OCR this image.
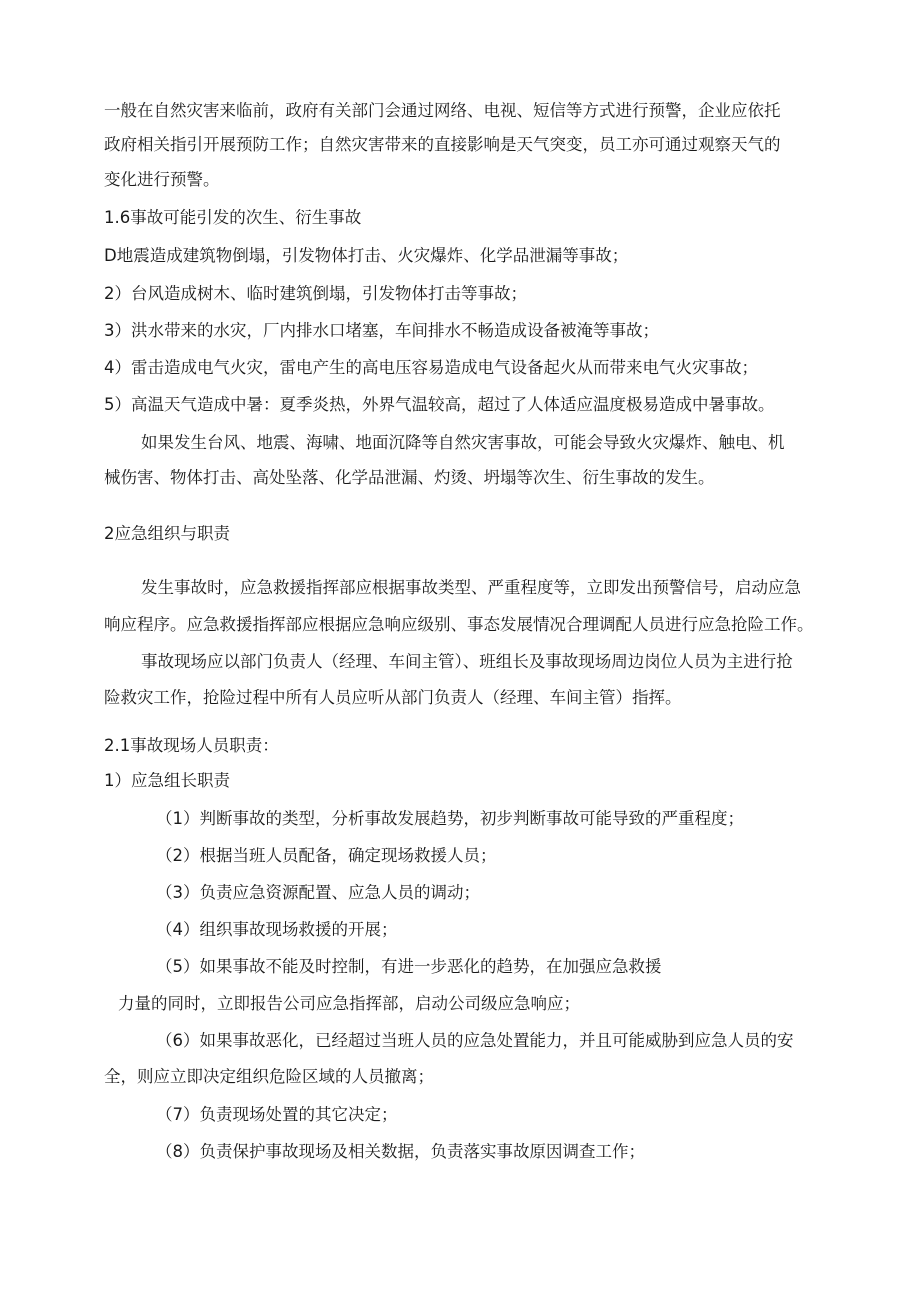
一般在自然灾害来临前，政府有关部门会通过网络、电视、短信等方式进行预警，企业应依托
政府相关指引开展预防工作；自然灾害带来的直接影响是天气突变，员工亦可通过观察天气的
变化进行预警。
1.6事故可能引发的次生、衍生事故
D地震造成建筑物倒塌，引发物体打击、火灾爆炸、化学品泄漏等事故；
2）台风造成树木、临时建筑倒塌，引发物体打击等事故；
3）洪水带来的水灾，厂内排水口堵塞，车间排水不畅造成设备被淹等事故；
4）雷击造成电气火灾，雷电产生的高电压容易造成电气设备起火从而带来电气火灾事故；
5）高温天气造成中暑：夏季炎热，外界气温较高，超过了人体适应温度极易造成中暑事故。
如果发生台风、地震、海啸、地面沉降等自然灾害事故，可能会导致火灾爆炸、触电、机
械伤害、物体打击、高处坠落、化学品泄漏、灼烫、坍塌等次生、衍生事故的发生。
2应急组织与职责
发生事故时，应急救援指挥部应根据事故类型、严重程度等，立即发出预警信号，启动应急
响应程序。应急救援指挥部应根据应急响应级别、事态发展情况合理调配人员进行应急抢险工作。
事故现场应以部门负责人（经理、车间主管）、班组长及事故现场周边岗位人员为主进行抢
险救灾工作，抢险过程中所有人员应听从部门负责人（经理、车间主管）指挥。
2.1事故现场人员职责：
1）应急组长职责
（1）判断事故的类型，分析事故发展趋势，初步判断事故可能导致的严重程度；
（2）根据当班人员配备，确定现场救援人员；
（3）负责应急资源配置、应急人员的调动；
（4）组织事故现场救援的开展；
（5）如果事故不能及时控制，有进一步恶化的趋势，在加强应急救援
力量的同时，立即报告公司应急指挥部，启动公司级应急响应；
（6）如果事故恶化，已经超过当班人员的应急处置能力，并且可能威胁到应急人员的安
全，则应立即决定组织危险区域的人员撤离；
（7）负责现场处置的其它决定；
（8）负责保护事故现场及相关数据，负责落实事故原因调查工作；
